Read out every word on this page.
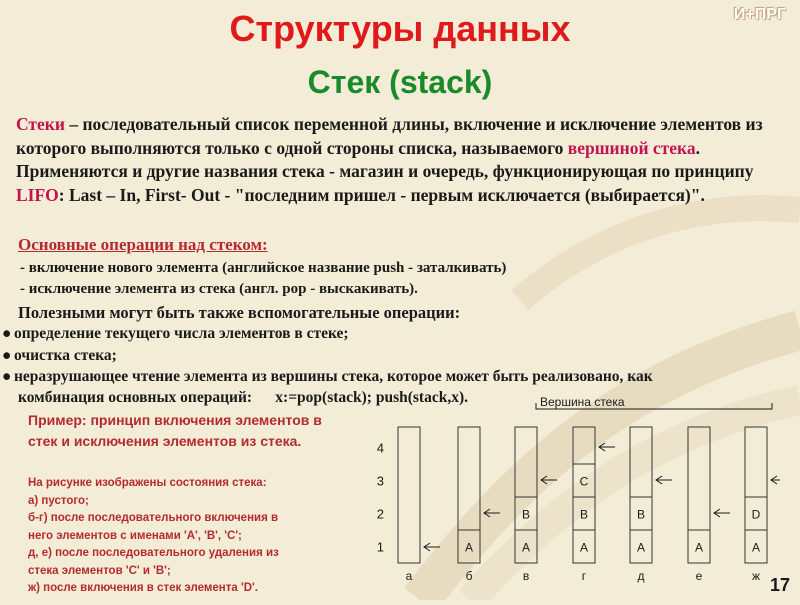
Структуры данных	И+ПРГ
Стек (stack)
Стеки – последовательный список переменной длины, включение и исключение элементов из которого выполняются только с одной стороны списка, называемого вершиной стека. Применяются и другие названия стека - магазин и очередь, функционирующая по принципу LIFO: Last – In, First- Out - "последним пришел - первым исключается (выбирается)".
Основные операции над стеком:
- включение нового элемента (английское название push - заталкивать)
- исключение элемента из стека (англ. pop - выскакивать).
Полезными могут быть также вспомогательные операции:
● определение текущего числа элементов в стеке;
● очистка стека;
● неразрушающее чтение элемента из вершины стека, которое может быть реализовано, как
комбинация основных операций:      x:=pop(stack); push(stack,x).
Пример: принцип включения элементов в стек и исключения элементов из стека.
На рисунке изображены состояния стека:
а) пустого;
б-г) после последовательного включения в
него элементов с именами 'A', 'B', 'C';
д, е) после последовательного удаления из
стека элементов 'C' и 'B';
ж) после включения в стек элемента 'D'.
Вершина стека
1
2
3
4
а
A
б
A
B
в
A
B
C
г
A
B
д
A
е
A
D
ж 17
